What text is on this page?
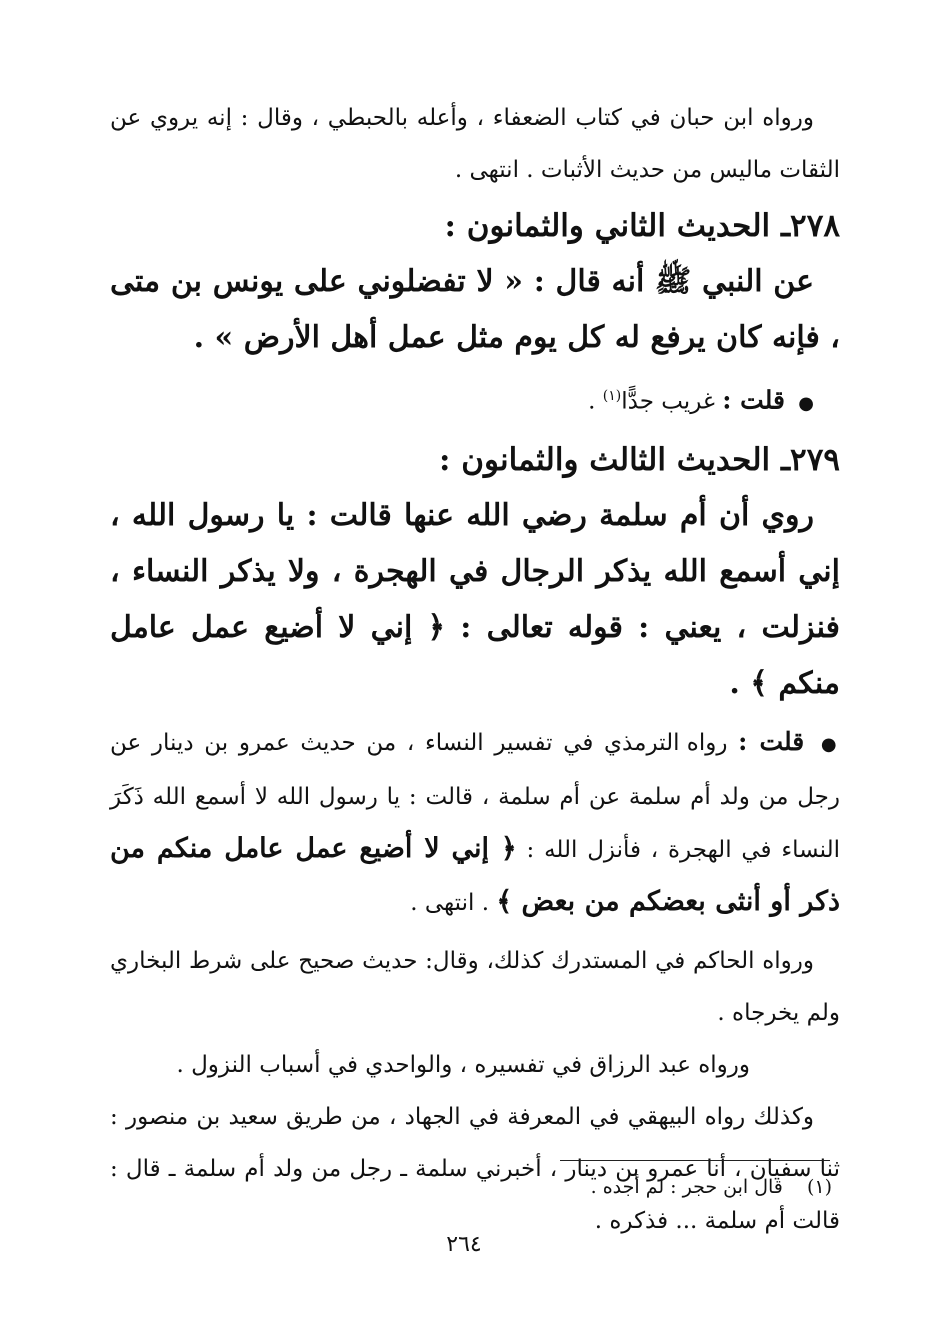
ورواه ابن حبان في كتاب الضعفاء ، وأعله بالحبطي ، وقال : إنه يروي عن الثقات ماليس من حديث الأثبات . انتهى .

٢٧٨ـ الحديث الثاني والثمانون :

عن النبي ﷺ أنه قال : « لا تفضلوني على يونس بن متى ، فإنه كان يرفع له كل يوم مثل عمل أهل الأرض » .

● قلت : غريب جدًّا$^{(١)}$ .

٢٧٩ـ الحديث الثالث والثمانون :

روي أن أم سلمة رضي الله عنها قالت : يا رسول الله ، إني أسمع الله يذكر الرجال في الهجرة ، ولا يذكر النساء ، فنزلت ، يعني : قوله تعالى : ﴿ إني لا أضيع عمل عامل منكم ﴾ .

● قلت : رواه الترمذي في تفسير النساء ، من حديث عمرو بن دينار عن رجل من ولد أم سلمة عن أم سلمة ، قالت : يا رسول الله لا أسمع الله ذَكَرَ النساء في الهجرة ، فأنزل الله : ﴿ إني لا أضيع عمل عامل منكم من ذكر أو أنثى بعضكم من بعض ﴾ . انتهى .

ورواه الحاكم في المستدرك كذلك، وقال: حديث صحيح على شرط البخاري ولم يخرجاه .

ورواه عبد الرزاق في تفسيره ، والواحدي في أسباب النزول .

وكذلك رواه البيهقي في المعرفة في الجهاد ، من طريق سعيد بن منصور : ثنا سفيان ، أنا عمرو بن دينار ، أخبرني سلمة ـ رجل من ولد أم سلمة ـ قال : قالت أم سلمة ... فذكره .

(١) قال ابن حجر : لم أجده .
٢٦٤
